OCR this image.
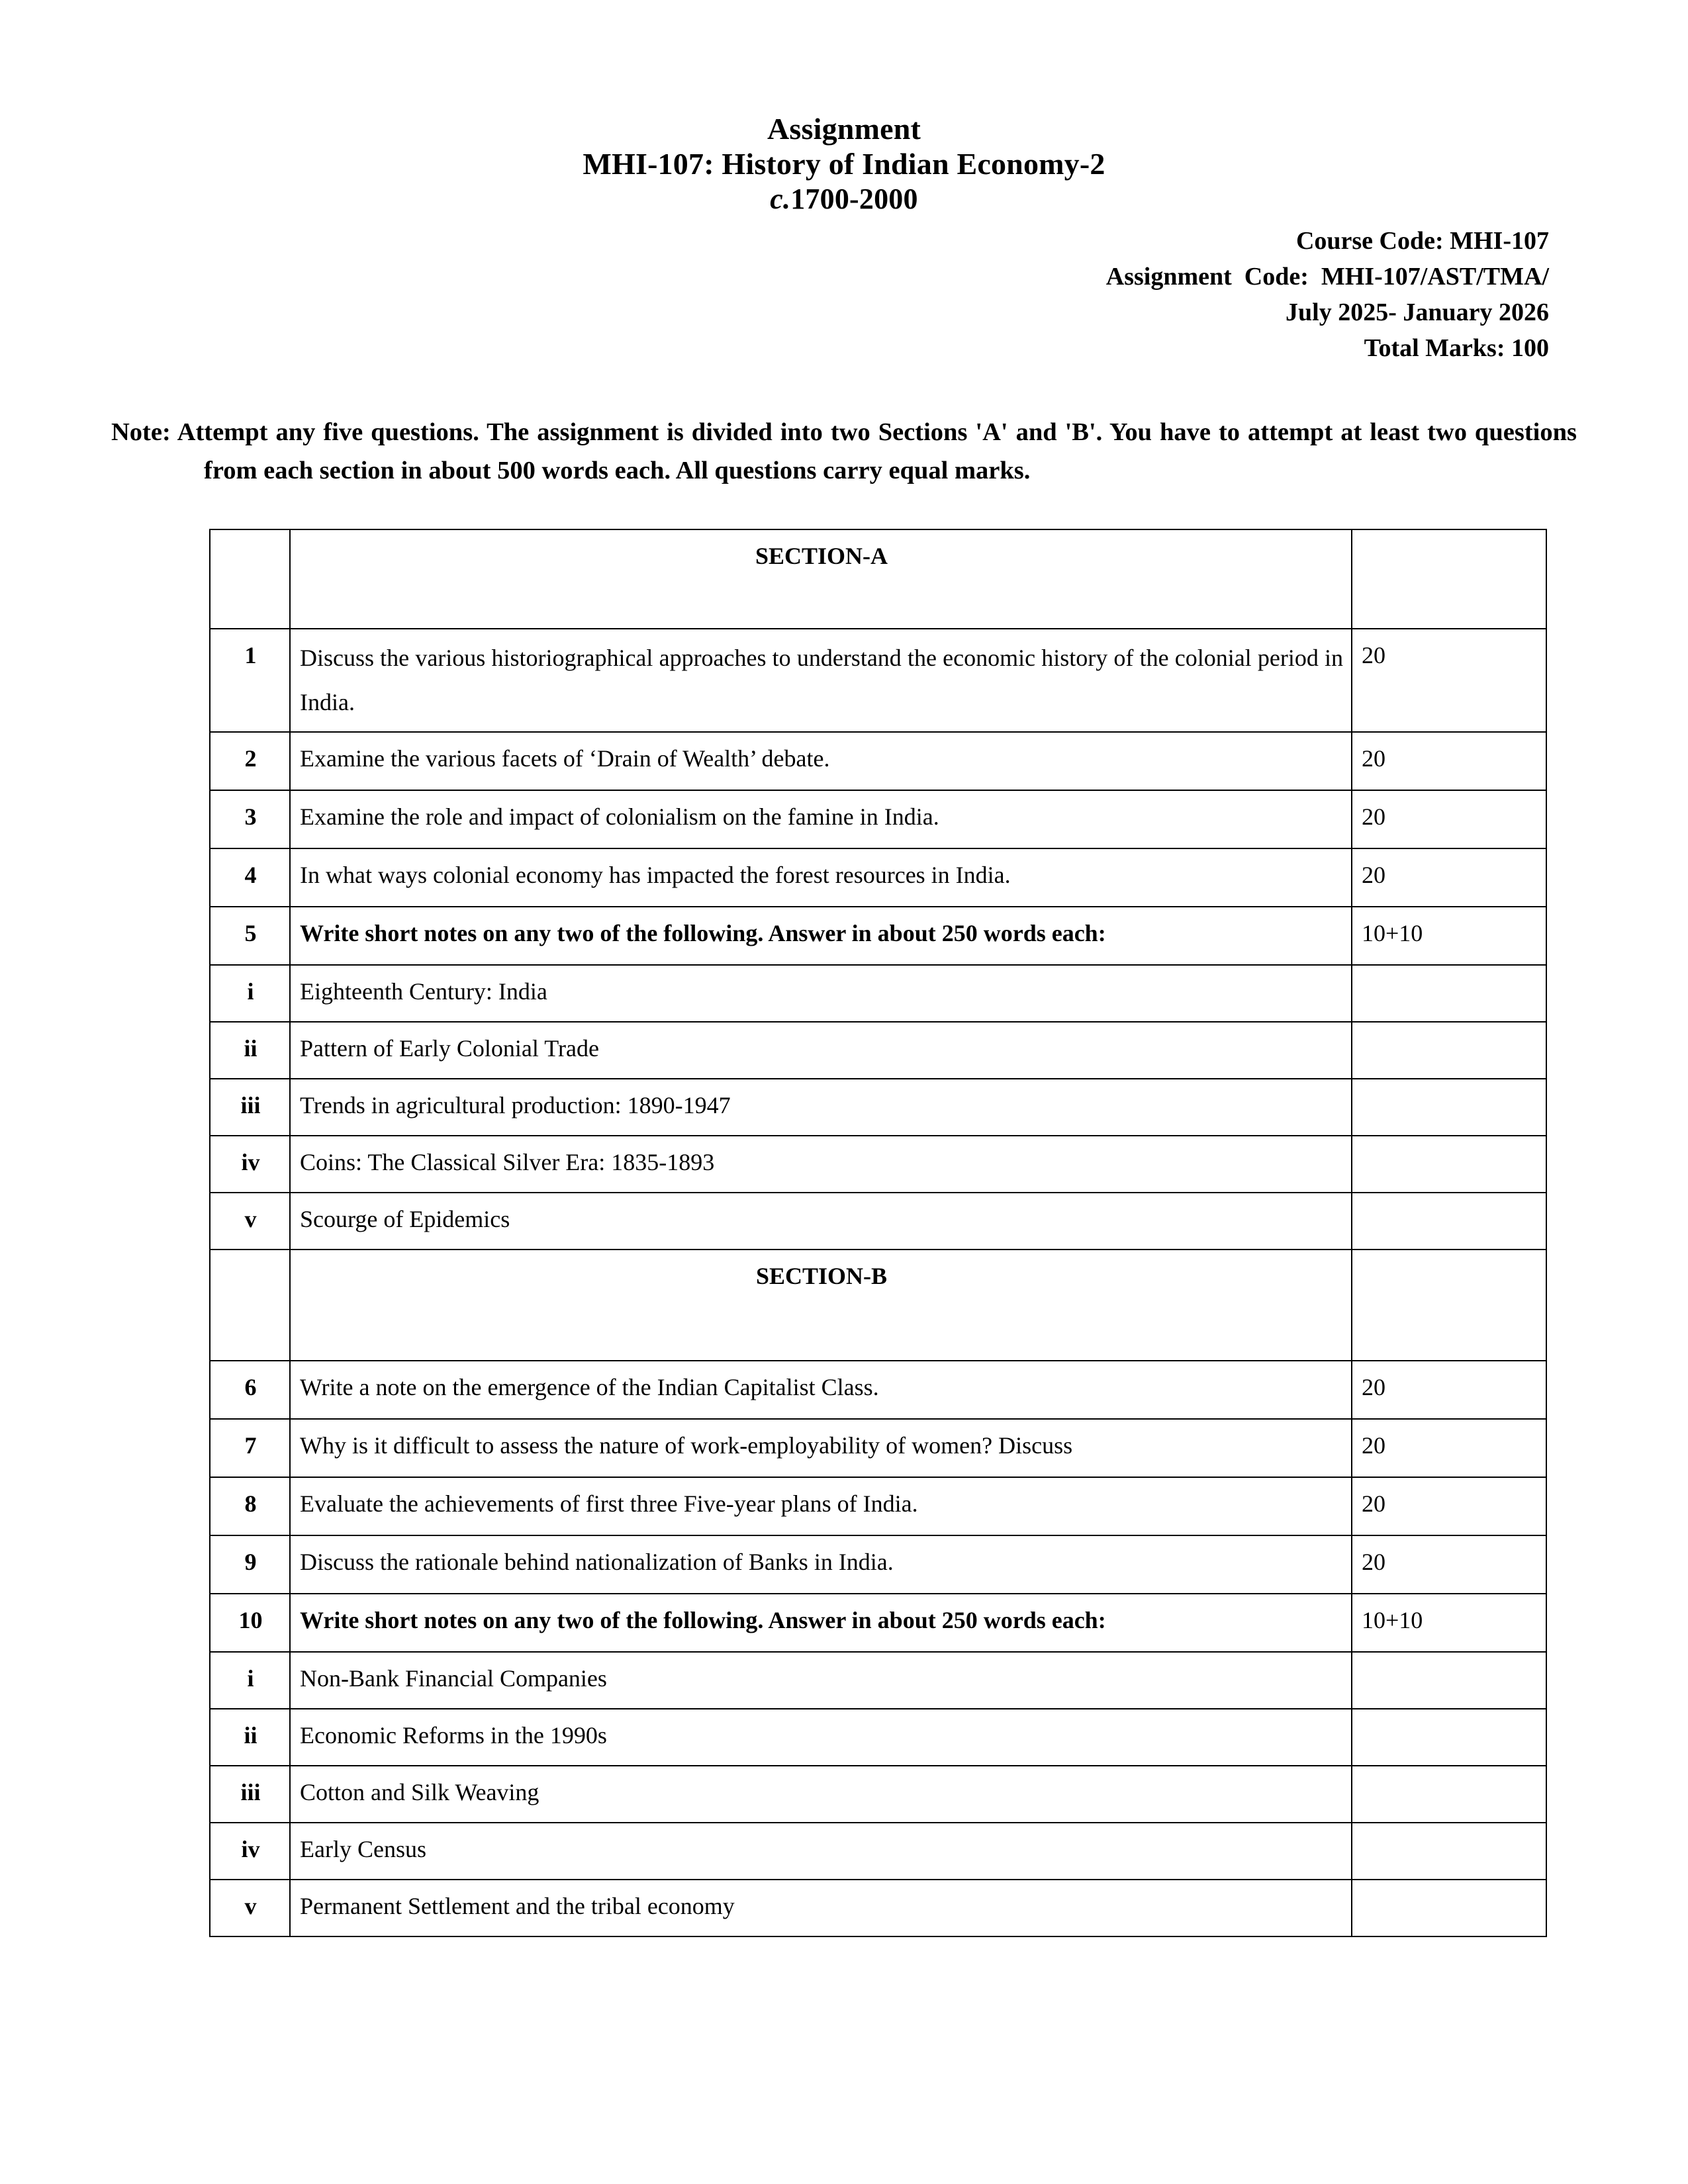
Assignment
MHI-107: History of Indian Economy-2
c.1700-2000
Course Code: MHI-107
Assignment  Code:  MHI-107/AST/TMA/
July 2025- January 2026
Total Marks: 100
Note: Attempt any five questions. The assignment is divided into two Sections 'A' and 'B'. You have to attempt at least two questions from each section in about 500 words each. All questions carry equal marks.
	SECTION-A	
1	Discuss the various historiographical approaches to understand the economic history of the colonial period in India.	20
2	Examine the various facets of ‘Drain of Wealth’ debate.	20
3	Examine the role and impact of colonialism on the famine in India.	20
4	In what ways colonial economy has impacted the forest resources in India.	20
5	Write short notes on any two of the following. Answer in about 250 words each:	10+10
i	Eighteenth Century: India	
ii	Pattern of Early Colonial Trade	
iii	Trends in agricultural production: 1890-1947	
iv	Coins: The Classical Silver Era: 1835-1893	
v	Scourge of Epidemics	
	SECTION-B	
6	Write a note on the emergence of the Indian Capitalist Class.	20
7	Why is it difficult to assess the nature of work-employability of women? Discuss	20
8	Evaluate the achievements of first three Five-year plans of India.	20
9	Discuss the rationale behind nationalization of Banks in India.	20
10	Write short notes on any two of the following. Answer in about 250 words each:	10+10
i	Non-Bank Financial Companies	
ii	Economic Reforms in the 1990s	
iii	Cotton and Silk Weaving	
iv	Early Census	
v	Permanent Settlement and the tribal economy	
